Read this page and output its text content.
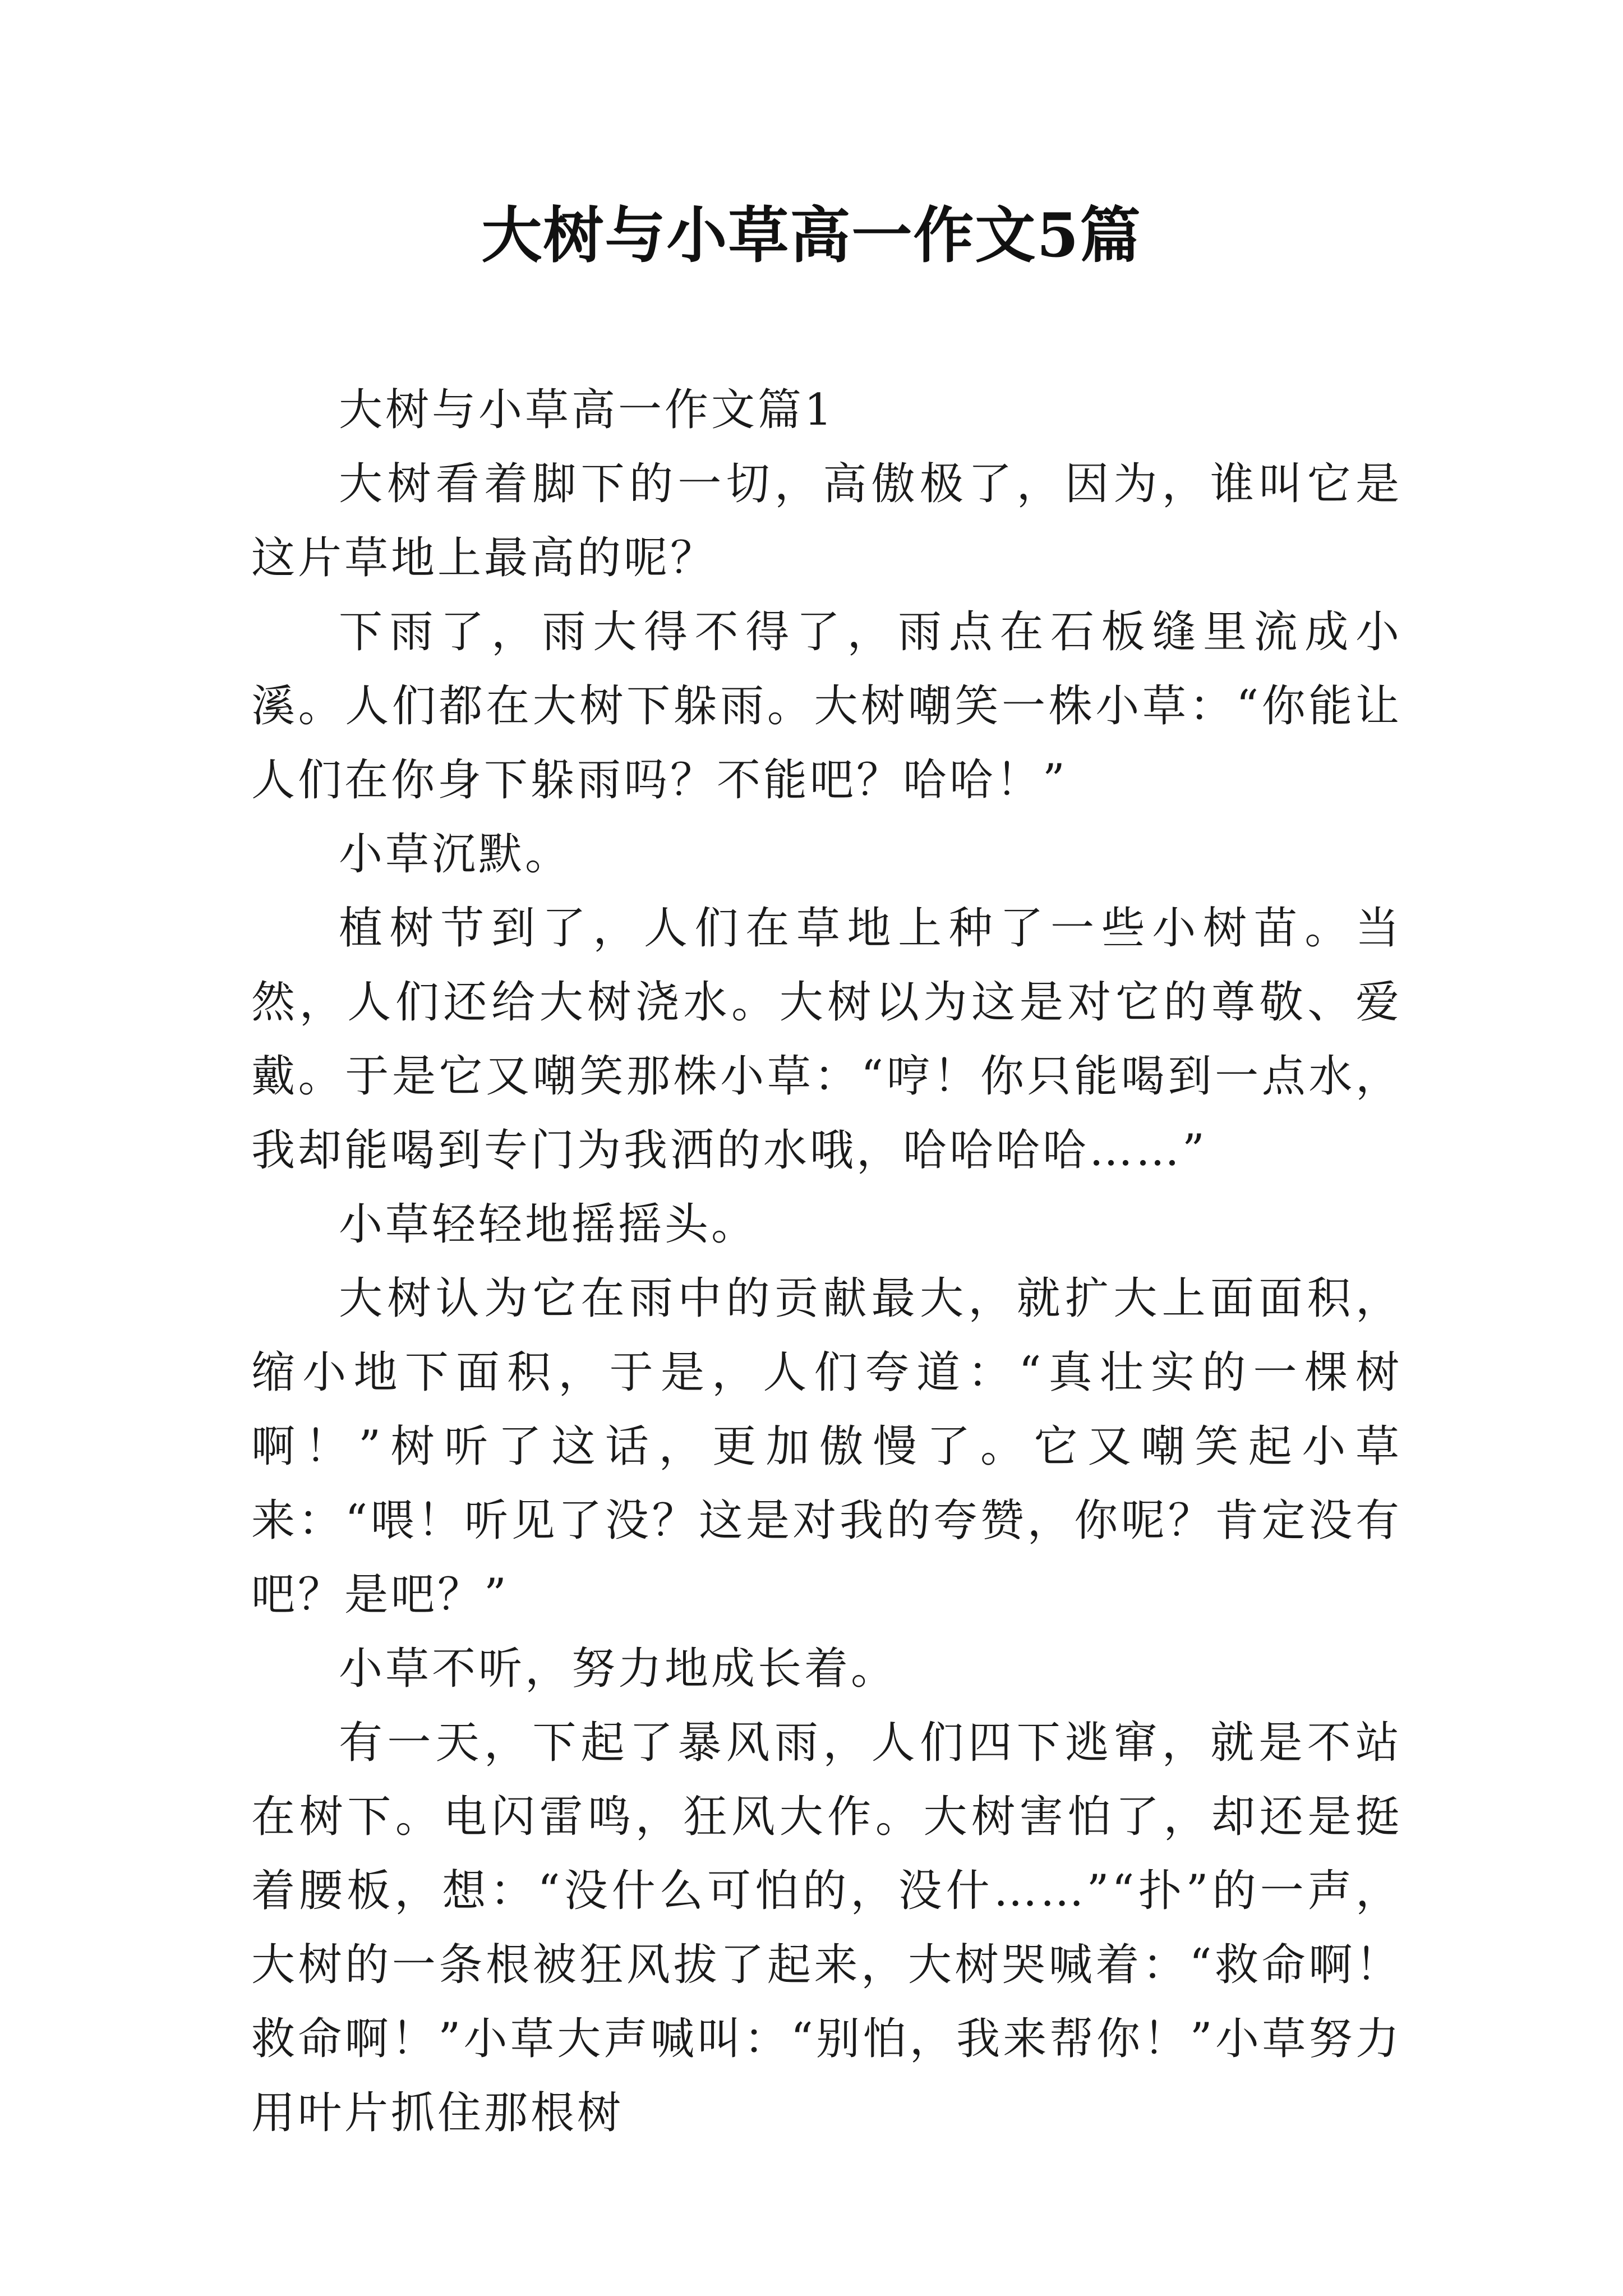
大树与小草高一作文5篇

大树与小草高一作文篇1

大树看着脚下的一切，高傲极了，因为，谁叫它是这片草地上最高的呢？

下雨了，雨大得不得了，雨点在石板缝里流成小溪。人们都在大树下躲雨。大树嘲笑一株小草：“你能让人们在你身下躲雨吗？不能吧？哈哈！”

小草沉默。

植树节到了，人们在草地上种了一些小树苗。当然，人们还给大树浇水。大树以为这是对它的尊敬、爱戴。于是它又嘲笑那株小草：“哼！你只能喝到一点水，我却能喝到专门为我洒的水哦，哈哈哈哈……”

小草轻轻地摇摇头。

大树认为它在雨中的贡献最大，就扩大上面面积，缩小地下面积，于是，人们夸道：“真壮实的一棵树啊！”树听了这话，更加傲慢了。它又嘲笑起小草来：“喂！听见了没？这是对我的夸赞，你呢？肯定没有吧？是吧？”

小草不听，努力地成长着。

有一天，下起了暴风雨，人们四下逃窜，就是不站在树下。电闪雷鸣，狂风大作。大树害怕了，却还是挺着腰板，想：“没什么可怕的，没什……”“扑”的一声，大树的一条根被狂风拔了起来，大树哭喊着：“救命啊！救命啊！”小草大声喊叫：“别怕，我来帮你！”小草努力用叶片抓住那根树
